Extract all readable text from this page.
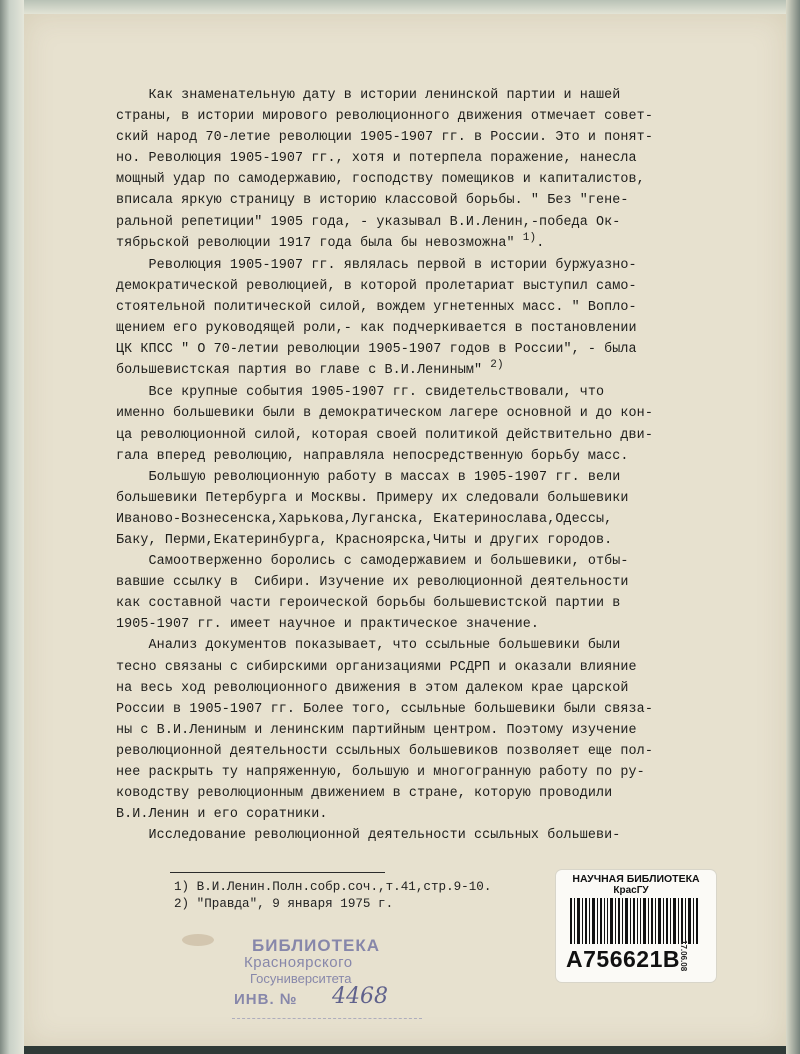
Как знаменательную дату в истории ленинской партии и нашей
страны, в истории мирового революционного движения отмечает совет-
ский народ 70-летие революции 1905-1907 гг. в России. Это и понят-
но. Революция 1905-1907 гг., хотя и потерпела поражение, нанесла
мощный удар по самодержавию, господству помещиков и капиталистов,
вписала яркую страницу в историю классовой борьбы. " Без "гене-
ральной репетиции" 1905 года, - указывал В.И.Ленин,-победа Ок-
тябрьской революции 1917 года была бы невозможна" $^{1)}$.
Революция 1905-1907 гг. являлась первой в истории буржуазно-
демократической революцией, в которой пролетариат выступил само-
стоятельной политической силой, вождем угнетенных масс. " Вопло-
щением его руководящей роли,- как подчеркивается в постановлении
ЦК КПСС " О 70-летии революции 1905-1907 годов в России", - была
большевистская партия во главе с В.И.Лениным" $^{2)}$
Все крупные события 1905-1907 гг. свидетельствовали, что
именно большевики были в демократическом лагере основной и до кон-
ца революционной силой, которая своей политикой действительно дви-
гала вперед революцию, направляла непосредственную борьбу масс.
Большую революционную работу в массах в 1905-1907 гг. вели
большевики Петербурга и Москвы. Примеру их следовали большевики
Иваново-Вознесенска,Харькова,Луганска, Екатеринослава,Одессы,
Баку, Перми,Екатеринбурга, Красноярска,Читы и других городов.
Самоотверженно боролись с самодержавием и большевики, отбы-
вавшие ссылку в  Сибири. Изучение их революционной деятельности
как составной части героической борьбы большевистской партии в
1905-1907 гг. имеет научное и практическое значение.
Анализ документов показывает, что ссыльные большевики были
тесно связаны с сибирскими организациями РСДРП и оказали влияние
на весь ход революционного движения в этом далеком крае царской
России в 1905-1907 гг. Более того, ссыльные большевики были связа-
ны с В.И.Лениным и ленинским партийным центром. Поэтому изучение
революционной деятельности ссыльных большевиков позволяет еще пол-
нее раскрыть ту напряженную, большую и многогранную работу по ру-
ководству революционным движением в стране, которую проводили
В.И.Ленин и его соратники.
Исследование революционной деятельности ссыльных большеви-
1) В.И.Ленин.Полн.собр.соч.,т.41,стр.9-10.
2) "Правда", 9 января 1975 г.
НАУЧНАЯ БИБЛИОТЕКА
КрасГУ
А756621В 17.06.08
БИБЛИОТЕКА
Красноярского
Госуниверситета
ИНВ. № 4468
